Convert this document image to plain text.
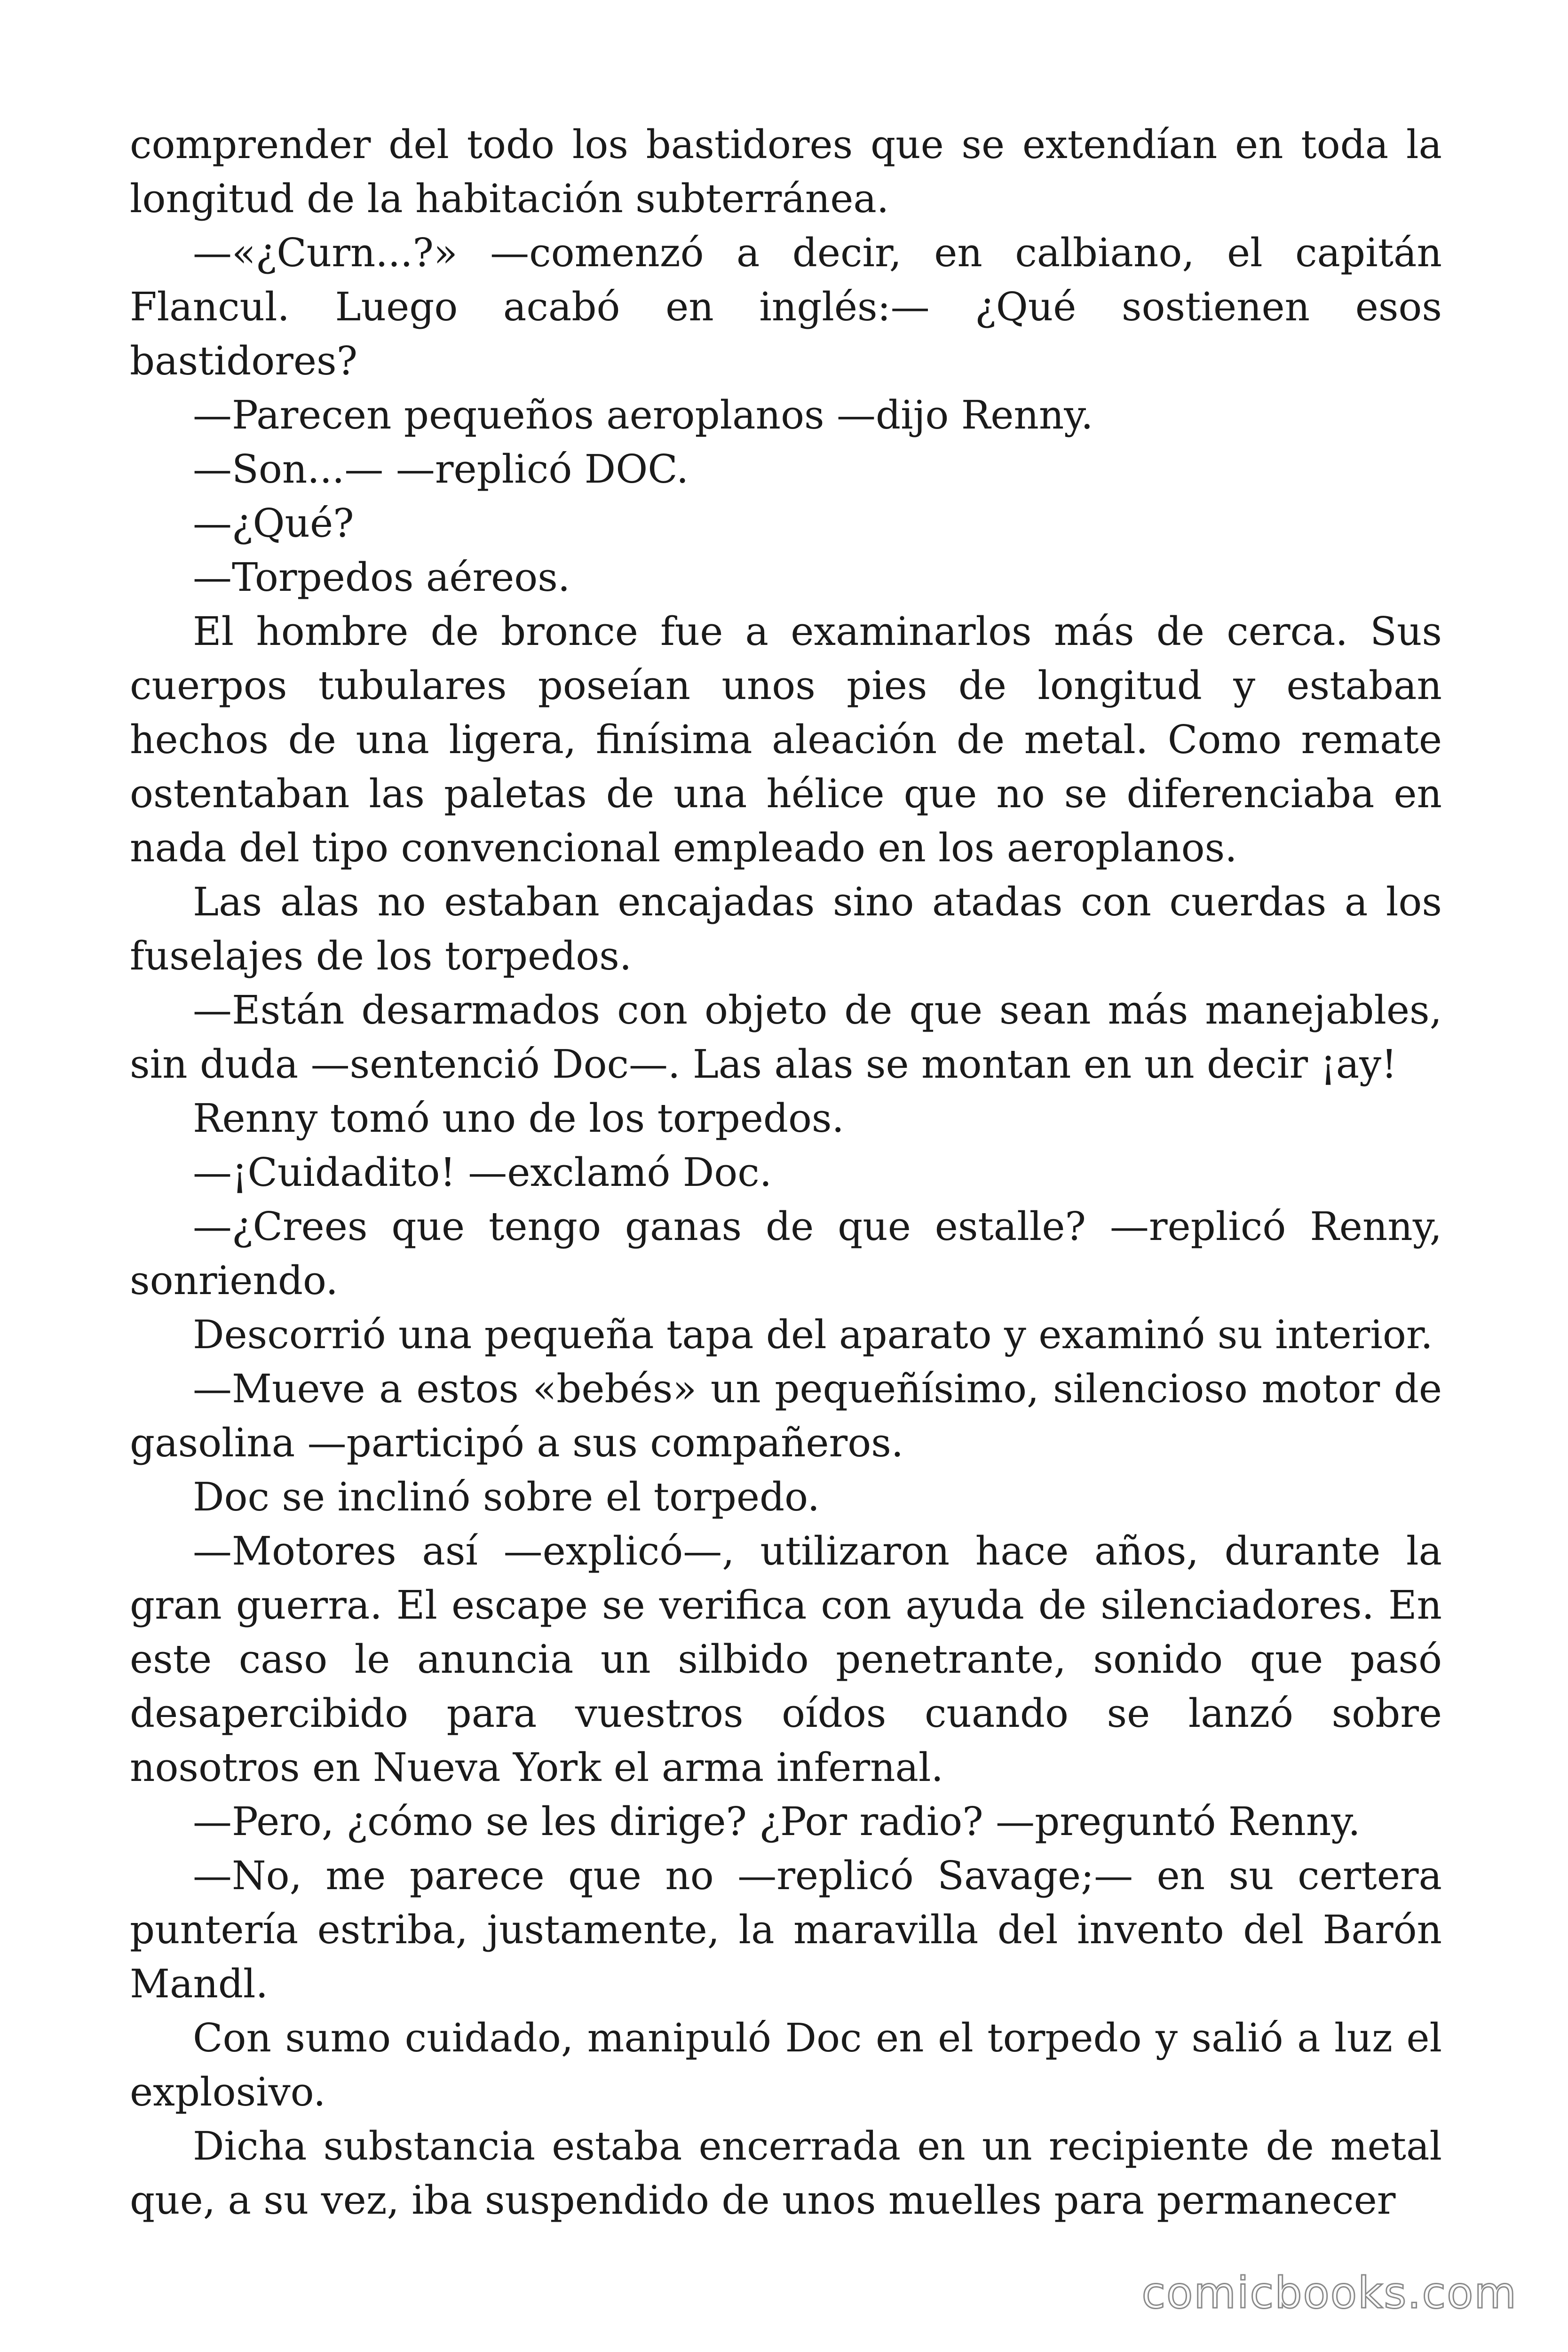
comprender del todo los bastidores que se extendían en toda la longitud de la habitación subterránea.

—«¿Curn...?» —comenzó a decir, en calbiano, el capitán Flancul. Luego acabó en inglés:— ¿Qué sostienen esos bastidores?

—Parecen pequeños aeroplanos —dijo Renny.

—Son...— —replicó DOC.

—¿Qué?

—Torpedos aéreos.

El hombre de bronce fue a examinarlos más de cerca. Sus cuerpos tubulares poseían unos pies de longitud y estaban hechos de una ligera, finísima aleación de metal. Como remate ostentaban las paletas de una hélice que no se diferenciaba en nada del tipo convencional empleado en los aeroplanos.

Las alas no estaban encajadas sino atadas con cuerdas a los fuselajes de los torpedos.

—Están desarmados con objeto de que sean más manejables, sin duda —sentenció Doc—. Las alas se montan en un decir ¡ay!

Renny tomó uno de los torpedos.

—¡Cuidadito! —exclamó Doc.

—¿Crees que tengo ganas de que estalle? —replicó Renny, sonriendo.

Descorrió una pequeña tapa del aparato y examinó su interior.

—Mueve a estos «bebés» un pequeñísimo, silencioso motor de gasolina —participó a sus compañeros.

Doc se inclinó sobre el torpedo.

—Motores así —explicó—, utilizaron hace años, durante la gran guerra. El escape se verifica con ayuda de silenciadores. En este caso le anuncia un silbido penetrante, sonido que pasó desapercibido para vuestros oídos cuando se lanzó sobre nosotros en Nueva York el arma infernal.

—Pero, ¿cómo se les dirige? ¿Por radio? —preguntó Renny.

—No, me parece que no —replicó Savage;— en su certera puntería estriba, justamente, la maravilla del invento del Barón Mandl.

Con sumo cuidado, manipuló Doc en el torpedo y salió a luz el explosivo.

Dicha substancia estaba encerrada en un recipiente de metal que, a su vez, iba suspendido de unos muelles para permanecer

comicbooks.com
